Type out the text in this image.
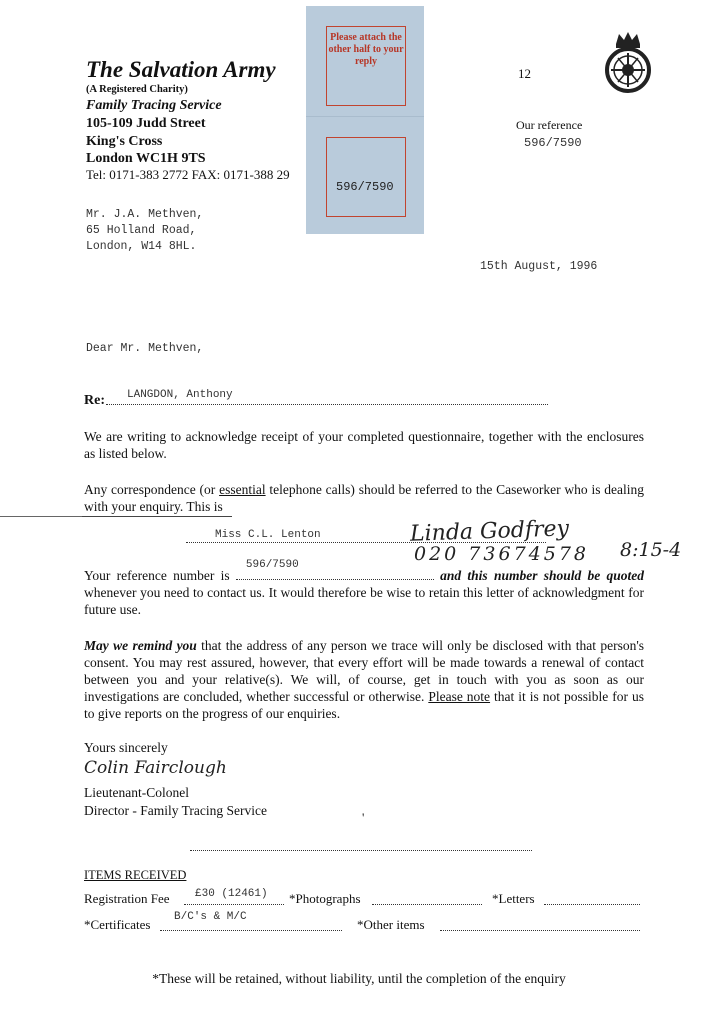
The Salvation Army
(A Registered Charity)
Family Tracing Service
105-109 Judd Street
King's Cross
London WC1H 9TS
Tel: 0171-383 2772 FAX: 0171-388 29
Please attach the other half to your reply
596/7590
12
Our reference
596/7590
Mr. J.A. Methven,
65 Holland Road,
London, W14 8HL.
15th August, 1996
Dear Mr. Methven,
Re: LANGDON, Anthony
We are writing to acknowledge receipt of your completed questionnaire, together with the enclosures as listed below.
Any correspondence (or essential telephone calls) should be referred to the Caseworker who is dealing with your enquiry. This is
Miss C.L. Lenton	Linda Godfrey
020 73674578 8:15-4
Your reference number is
596/7590
and this number should be quoted whenever you need to contact us. It would therefore be wise to retain this letter of acknowledgment for future use.
May we remind you that the address of any person we trace will only be disclosed with that person's consent. You may rest assured, however, that every effort will be made towards a renewal of contact between you and your relative(s). We will, of course, get in touch with you as soon as our investigations are concluded, whether successful or otherwise. Please note that it is not possible for us to give reports on the progress of our enquiries.
Yours sincerely
Colin Fairclough
Lieutenant-Colonel
Director - Family Tracing Service	'
ITEMS RECEIVED
Registration Fee £30 (12461) *Photographs	*Letters
*Certificates B/C's & M/C	*Other items
*These will be retained, without liability, until the completion of the enquiry
